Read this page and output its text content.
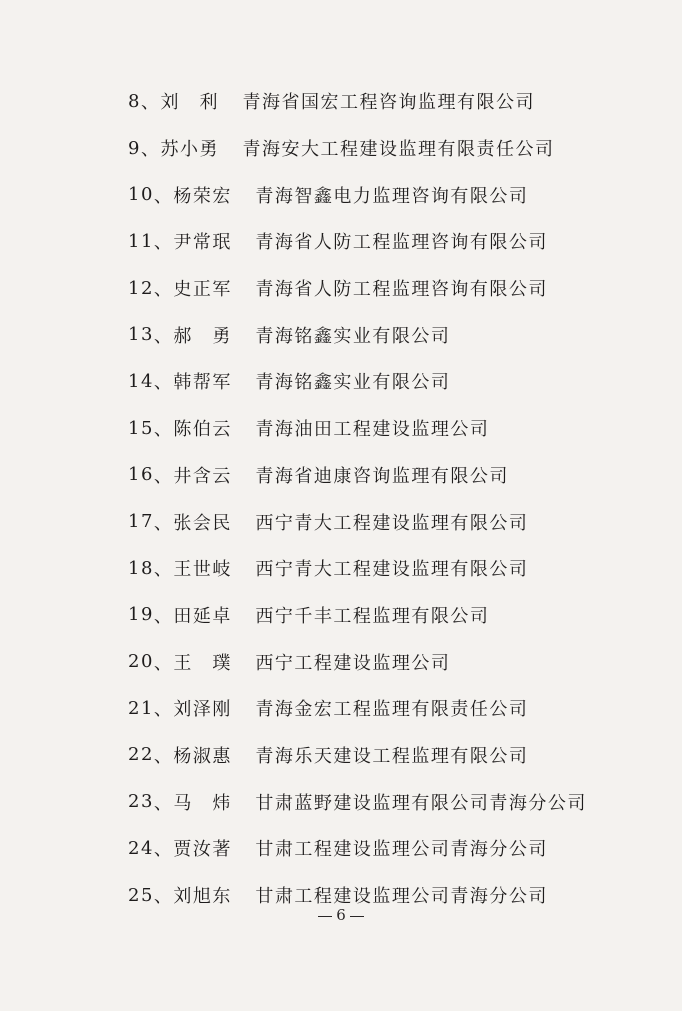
8 、 刘　利	青海省国宏工程咨询监理有限公司
9 、 苏小勇	青海安大工程建设监理有限责任公司
10 、 杨荣宏	青海智鑫电力监理咨询有限公司
11 、 尹常珉	青海省人防工程监理咨询有限公司
12 、 史正军	青海省人防工程监理咨询有限公司
13 、 郝　勇	青海铭鑫实业有限公司
14 、 韩帮军	青海铭鑫实业有限公司
15 、 陈伯云	青海油田工程建设监理公司
16 、 井含云	青海省迪康咨询监理有限公司
17 、 张会民	西宁青大工程建设监理有限公司
18 、 王世岐	西宁青大工程建设监理有限公司
19 、 田延卓	西宁千丰工程监理有限公司
20 、 王　璞	西宁工程建设监理公司
21 、 刘泽刚	青海金宏工程监理有限责任公司
22 、 杨淑惠	青海乐天建设工程监理有限公司
23 、 马　炜	甘肃蓝野建设监理有限公司青海分公司
24 、 贾汝著	甘肃工程建设监理公司青海分公司
25 、 刘旭东	甘肃工程建设监理公司青海分公司
6
